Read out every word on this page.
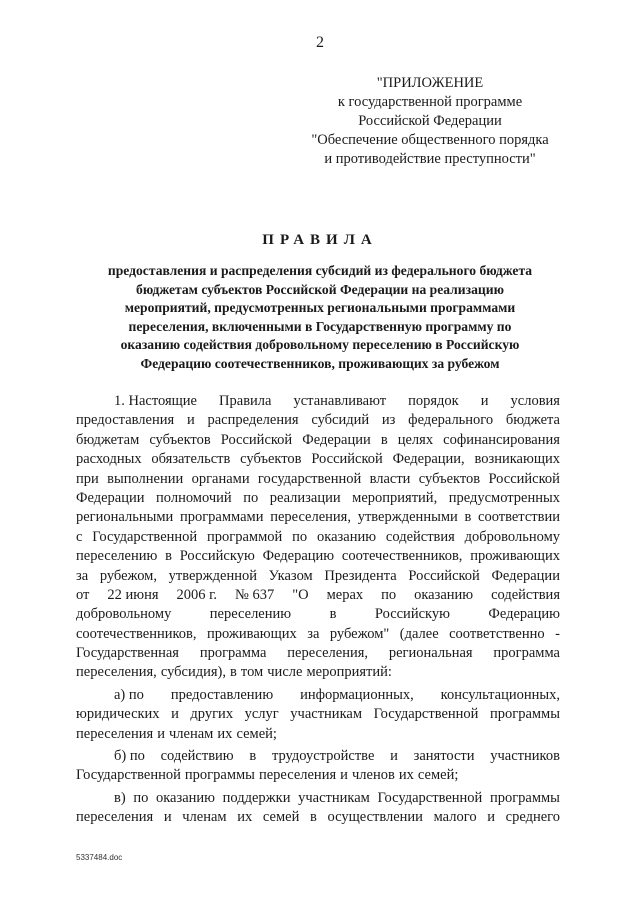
2
"ПРИЛОЖЕНИЕ
к государственной программе
Российской Федерации
"Обеспечение общественного порядка
и противодействие преступности"
ПРАВИЛА
предоставления и распределения субсидий из федерального бюджета
бюджетам субъектов Российской Федерации на реализацию
мероприятий, предусмотренных региональными программами
переселения, включенными в Государственную программу по
оказанию содействия добровольному переселению в Российскую
Федерацию соотечественников, проживающих за рубежом
1. Настоящие Правила устанавливают порядок и условия
предоставления и распределения субсидий из федерального бюджета
бюджетам субъектов Российской Федерации в целях софинансирования
расходных обязательств субъектов Российской Федерации, возникающих
при выполнении органами государственной власти субъектов Российской
Федерации полномочий по реализации мероприятий, предусмотренных
региональными программами переселения, утвержденными в соответствии
с Государственной программой по оказанию содействия добровольному
переселению в Российскую Федерацию соотечественников, проживающих
за рубежом, утвержденной Указом Президента Российской Федерации
от 22 июня 2006 г. № 637 "О мерах по оказанию содействия
добровольному	переселению	в	Российскую	Федерацию
соотечественников, проживающих за рубежом" (далее соответственно -
Государственная программа переселения, региональная программа
переселения, субсидия), в том числе мероприятий:
а) по предоставлению информационных, консультационных,
юридических и других услуг участникам Государственной программы
переселения и членам их семей;
б) по содействию в трудоустройстве и занятости участников
Государственной программы переселения и членов их семей;
в) по оказанию поддержки участникам Государственной программы
переселения и членам их семей в осуществлении малого и среднего
5337484.doc
